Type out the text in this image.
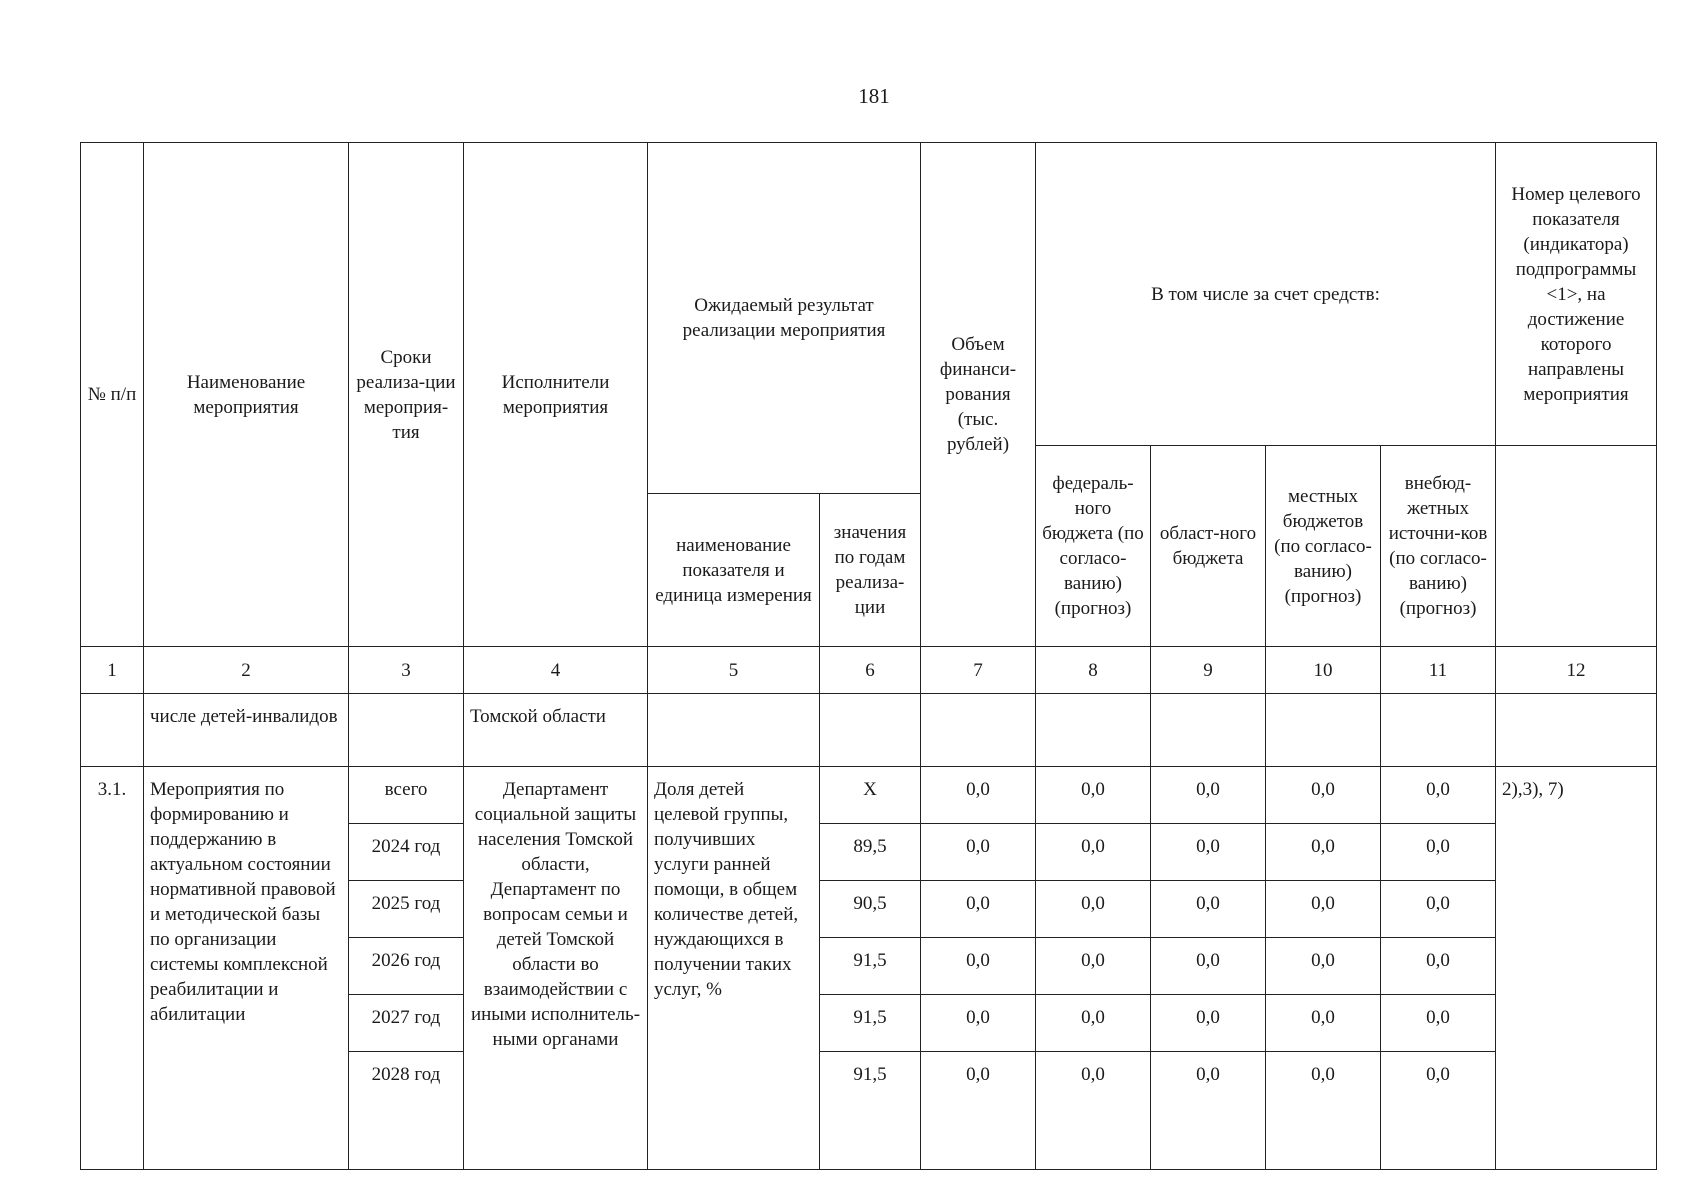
181
№ п/п	Наименование мероприятия	Сроки реализа-ции мероприя-тия	Исполнители мероприятия	Ожидаемый результат реализации мероприятия		Объем финанси-рования (тыс. рублей)	В том числе за счет средств:				Номер целевого показателя (индикатора) подпрограммы <1>, на достижение которого направлены мероприятия
							федераль-ного бюджета (по согласо-ванию) (прогноз)	област-ного бюджета	местных бюджетов (по согласо-ванию) (прогноз)	внебюд-жетных источни-ков (по согласо-ванию) (прогноз)	
				наименование показателя и единица измерения	значения по годам реализа-ции						
1	2	3	4	5	6	7	8	9	10	11	12
	числе детей-инвалидов		Томской области								
3.1.	Мероприятия по формированию и поддержанию в актуальном состоянии нормативной правовой и методической базы по организации системы комплексной реабилитации и абилитации	всего	Департамент социальной защиты населения Томской области, Департамент по вопросам семьи и детей Томской области во взаимодействии с иными исполнитель-ными органами	Доля детей целевой группы, получивших услуги ранней помощи, в общем количестве детей, нуждающихся в получении таких услуг, %	Х	0,0	0,0	0,0	0,0	0,0	2),3), 7)
		2024 год			89,5	0,0	0,0	0,0	0,0	0,0	
		2025 год			90,5	0,0	0,0	0,0	0,0	0,0	
		2026 год			91,5	0,0	0,0	0,0	0,0	0,0	
		2027 год			91,5	0,0	0,0	0,0	0,0	0,0	
		2028 год			91,5	0,0	0,0	0,0	0,0	0,0	
